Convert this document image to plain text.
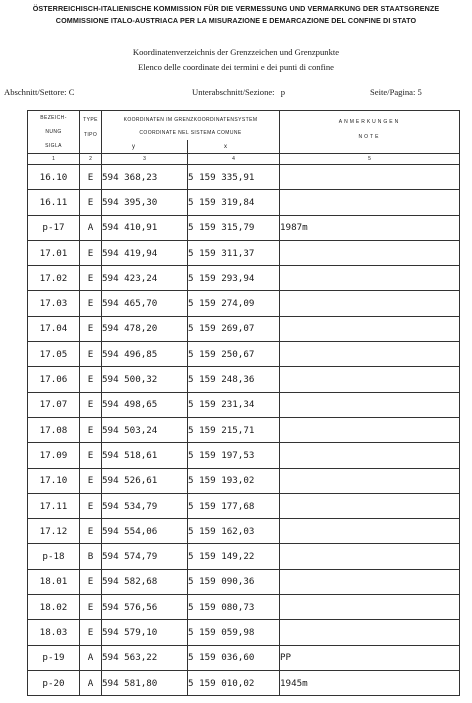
ÖSTERREICHISCH-ITALIENISCHE KOMMISSION FÜR DIE VERMESSUNG UND VERMARKUNG DER STAATSGRENZE
COMMISSIONE ITALO-AUSTRIACA PER LA MISURAZIONE E DEMARCAZIONE DEL CONFINE DI STATO
Koordinatenverzeichnis der Grenzzeichen und Grenzpunkte
Elenco delle coordinate dei termini e dei punti di confine
Abschnitt/Settore: C	Unterabschnitt/Sezione: p	Seite/Pagina: 5
BEZEICH-
NUNG
SIGLA	TYPE
TIPO	KOORDINATEN IM GRENZKOORDINATENSYSTEM
COORDINATE NEL SISTEMA COMUNE
y x		ANMERKUNGEN
NOTE

1	2	3	4	5
16.10	E	594 368,23	5 159 335,91	
16.11	E	594 395,30	5 159 319,84	
p-17	A	594 410,91	5 159 315,79	1987m
17.01	E	594 419,94	5 159 311,37	
17.02	E	594 423,24	5 159 293,94	
17.03	E	594 465,70	5 159 274,09	
17.04	E	594 478,20	5 159 269,07	
17.05	E	594 496,85	5 159 250,67	
17.06	E	594 500,32	5 159 248,36	
17.07	E	594 498,65	5 159 231,34	
17.08	E	594 503,24	5 159 215,71	
17.09	E	594 518,61	5 159 197,53	
17.10	E	594 526,61	5 159 193,02	
17.11	E	594 534,79	5 159 177,68	
17.12	E	594 554,06	5 159 162,03	
p-18	B	594 574,79	5 159 149,22	
18.01	E	594 582,68	5 159 090,36	
18.02	E	594 576,56	5 159 080,73	
18.03	E	594 579,10	5 159 059,98	
p-19	A	594 563,22	5 159 036,60	PP
p-20	A	594 581,80	5 159 010,02	1945m
